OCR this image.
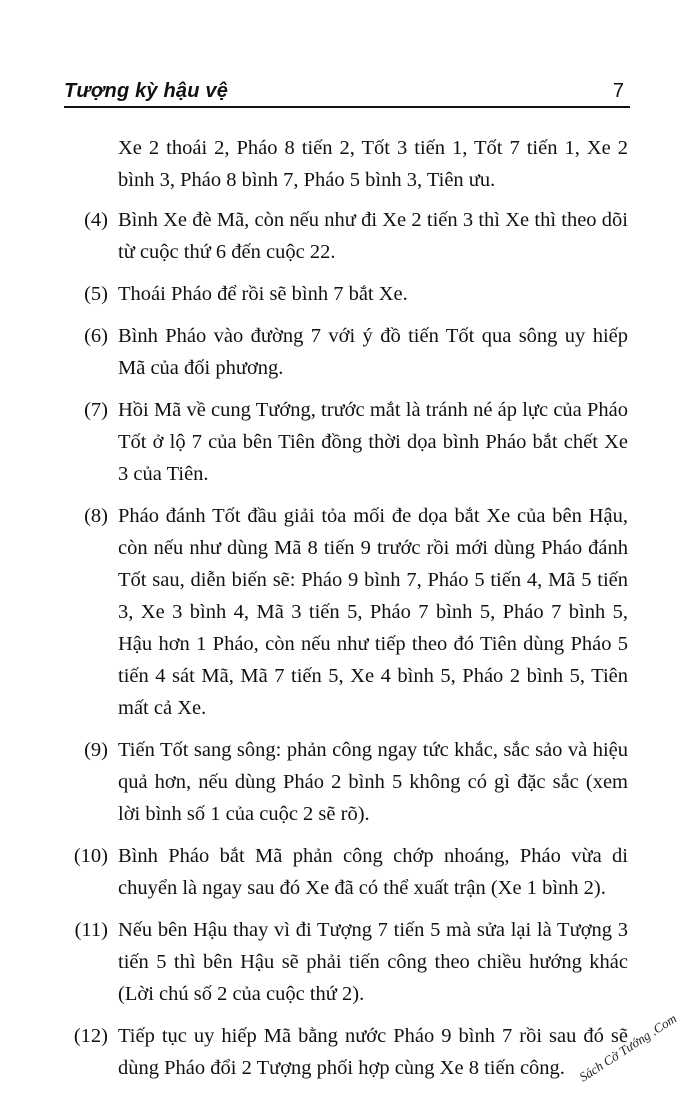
Tượng kỳ hậu vệ	7
Xe 2 thoái 2, Pháo 8 tiến 2, Tốt 3 tiến 1, Tốt 7 tiến 1, Xe 2 bình 3, Pháo 8 bình 7, Pháo 5 bình 3, Tiên ưu.
(4) Bình Xe đè Mã, còn nếu như đi Xe 2 tiến 3 thì Xe thì theo dõi từ cuộc thứ 6 đến cuộc 22.
(5) Thoái Pháo để rồi sẽ bình 7 bắt Xe.
(6) Bình Pháo vào đường 7 với ý đồ tiến Tốt qua sông uy hiếp Mã của đối phương.
(7) Hồi Mã về cung Tướng, trước mắt là tránh né áp lực của Pháo Tốt ở lộ 7 của bên Tiên đồng thời dọa bình Pháo bắt chết Xe 3 của Tiên.
(8) Pháo đánh Tốt đầu giải tỏa mối đe dọa bắt Xe của bên Hậu, còn nếu như dùng Mã 8 tiến 9 trước rồi mới dùng Pháo đánh Tốt sau, diễn biến sẽ: Pháo 9 bình 7, Pháo 5 tiến 4, Mã 5 tiến 3, Xe 3 bình 4, Mã 3 tiến 5, Pháo 7 bình 5, Pháo 7 bình 5, Hậu hơn 1 Pháo, còn nếu như tiếp theo đó Tiên dùng Pháo 5 tiến 4 sát Mã, Mã 7 tiến 5, Xe 4 bình 5, Pháo 2 bình 5, Tiên mất cả Xe.
(9) Tiến Tốt sang sông: phản công ngay tức khắc, sắc sảo và hiệu quả hơn, nếu dùng Pháo 2 bình 5 không có gì đặc sắc (xem lời bình số 1 của cuộc 2 sẽ rõ).
(10) Bình Pháo bắt Mã phản công chớp nhoáng, Pháo vừa di chuyển là ngay sau đó Xe đã có thể xuất trận (Xe 1 bình 2).
(11) Nếu bên Hậu thay vì đi Tượng 7 tiến 5 mà sửa lại là Tượng 3 tiến 5 thì bên Hậu sẽ phải tiến công theo chiều hướng khác (Lời chú số 2 của cuộc thứ 2).
(12) Tiếp tục uy hiếp Mã bằng nước Pháo 9 bình 7 rồi sau đó sẽ dùng Pháo đổi 2 Tượng phối hợp cùng Xe 8 tiến công. Sách Cờ Tướng .Com
